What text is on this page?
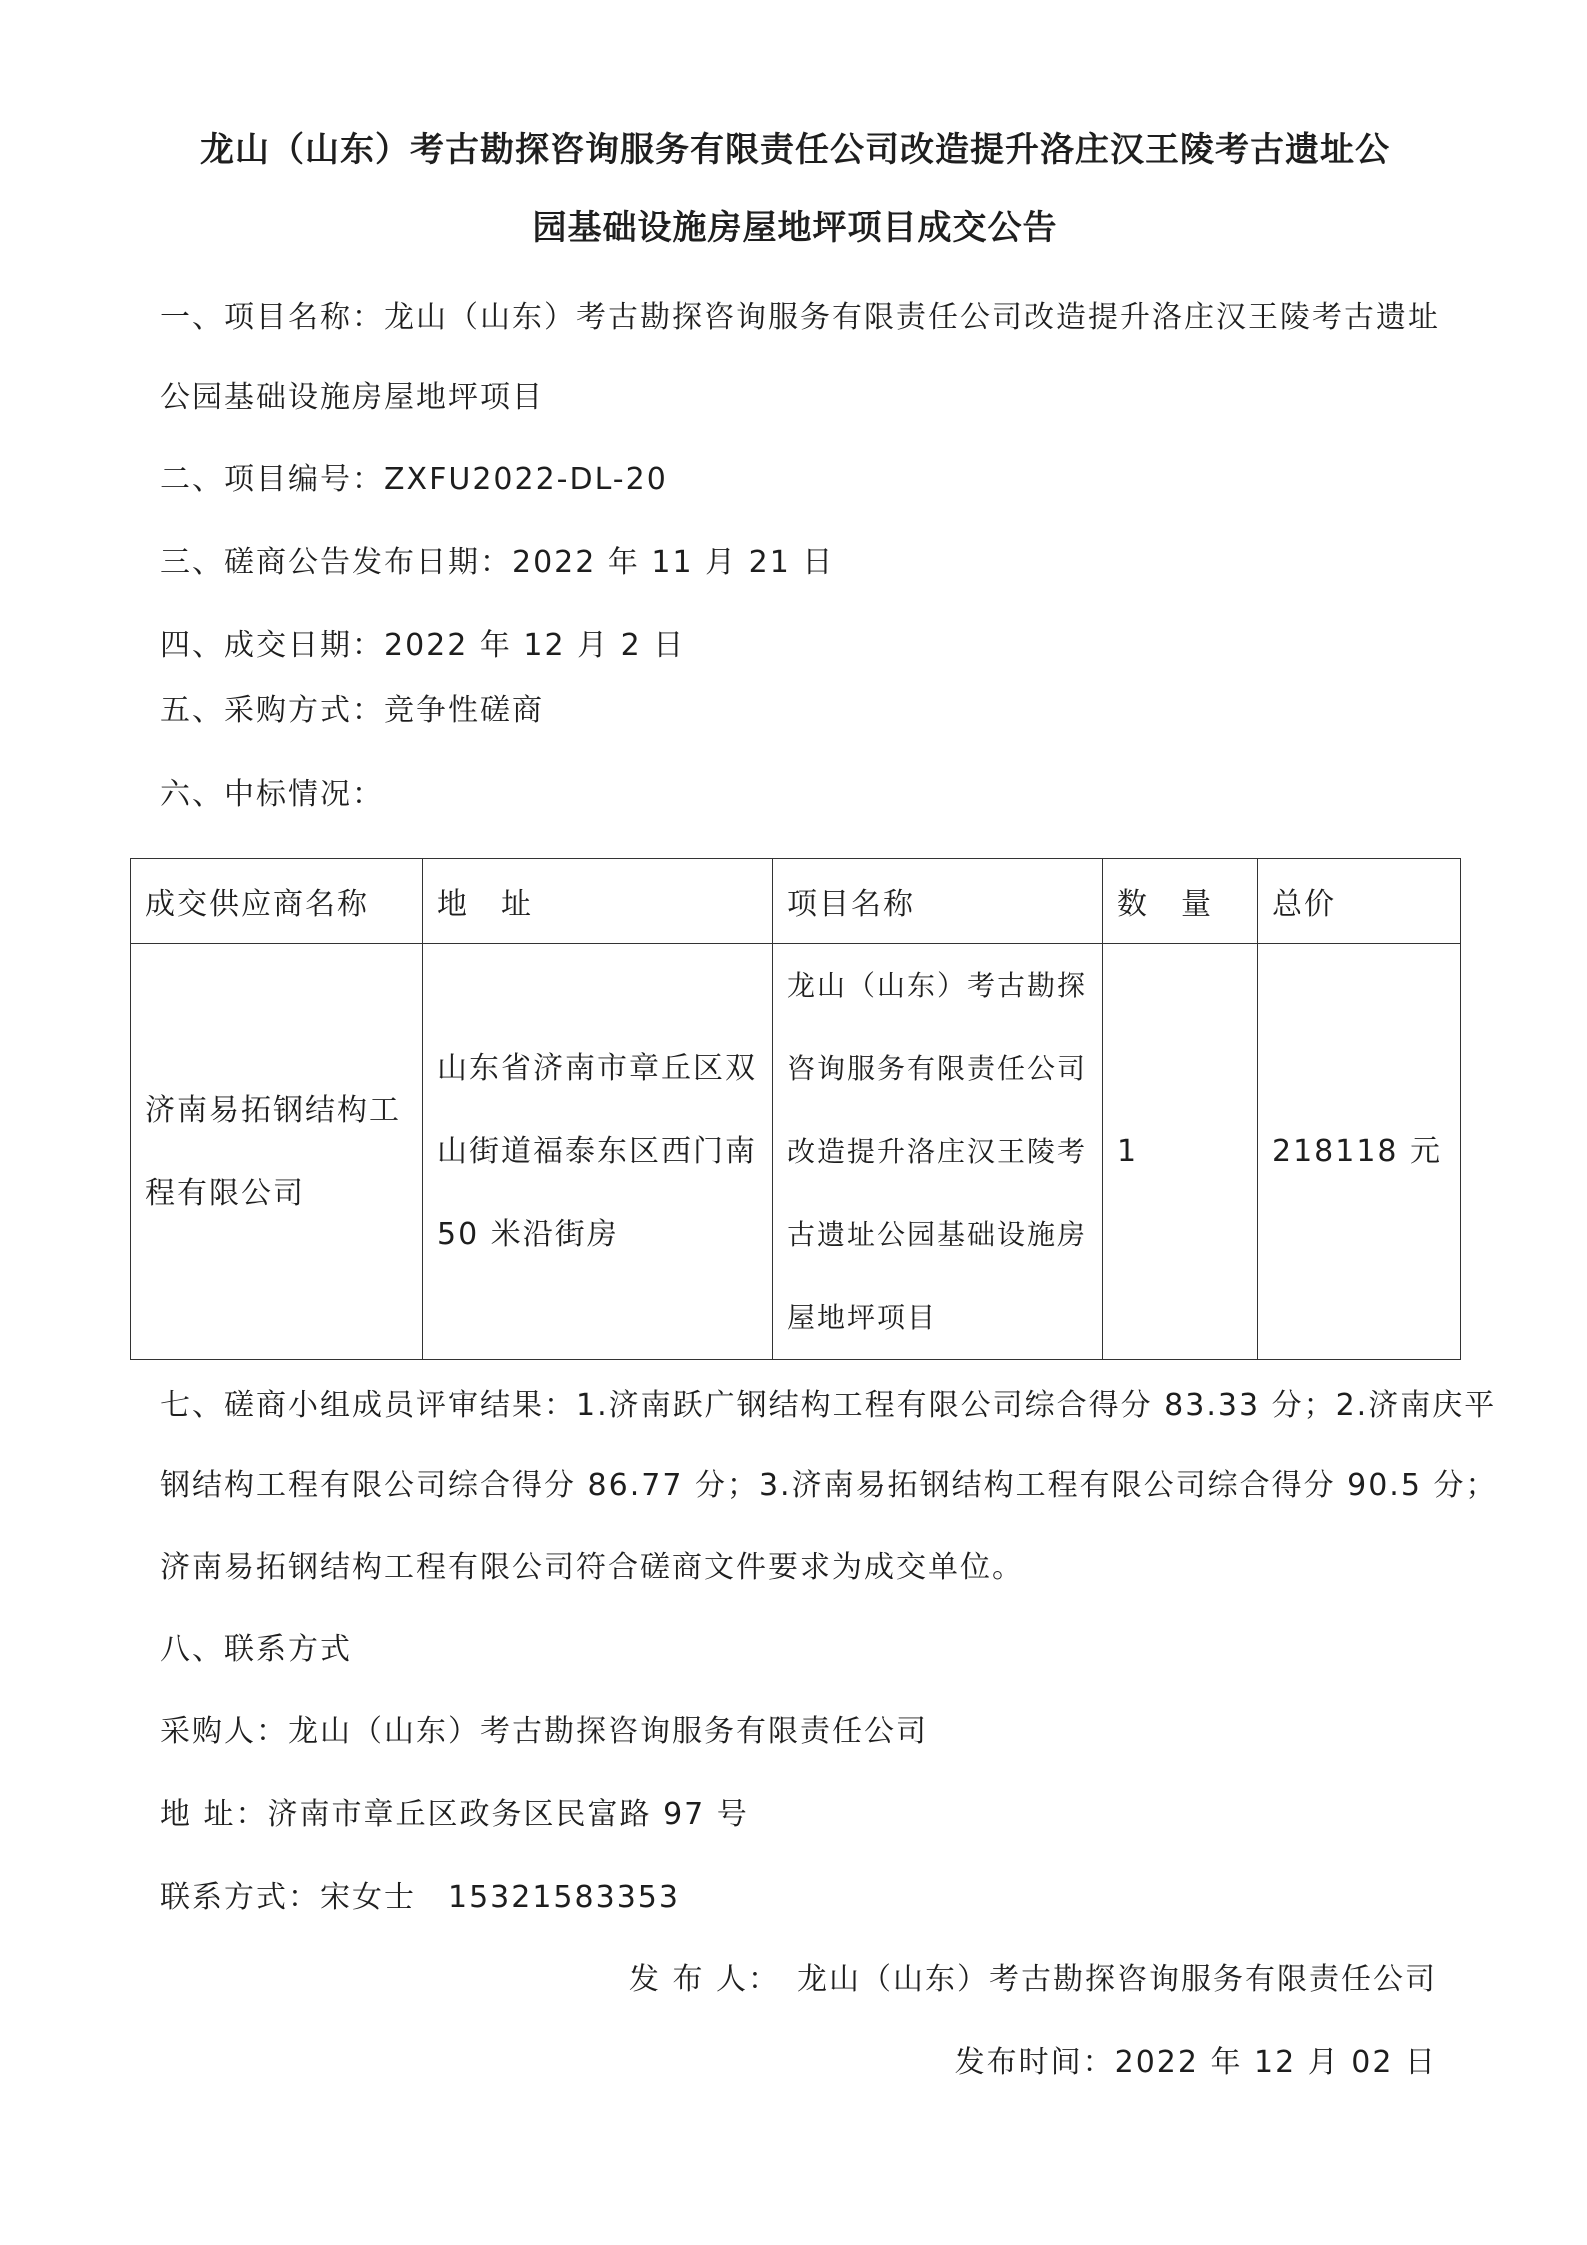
龙山（山东）考古勘探咨询服务有限责任公司改造提升洛庄汉王陵考古遗址公
园基础设施房屋地坪项目成交公告
一、项目名称：龙山（山东）考古勘探咨询服务有限责任公司改造提升洛庄汉王陵考古遗址
公园基础设施房屋地坪项目
二、项目编号：ZXFU2022-DL-20
三、磋商公告发布日期：2022 年 11 月 21 日
四、成交日期：2022 年 12 月 2 日
五、采购方式：竞争性磋商
六、中标情况：
成交供应商名称	地　址	项目名称	数　量	总价
济南易拓钢结构工程有限公司	山东省济南市章丘区双山街道福泰东区西门南 50 米沿街房	龙山（山东）考古勘探咨询服务有限责任公司改造提升洛庄汉王陵考古遗址公园基础设施房屋地坪项目	1	218118 元
七、磋商小组成员评审结果：1.济南跃广钢结构工程有限公司综合得分 83.33 分；2.济南庆平
钢结构工程有限公司综合得分 86.77 分；3.济南易拓钢结构工程有限公司综合得分 90.5 分；
济南易拓钢结构工程有限公司符合磋商文件要求为成交单位。
八、联系方式
采购人：龙山（山东）考古勘探咨询服务有限责任公司
地 址：济南市章丘区政务区民富路 97 号
联系方式：宋女士　15321583353
发 布 人：　龙山（山东）考古勘探咨询服务有限责任公司
发布时间：2022 年 12 月 02 日
